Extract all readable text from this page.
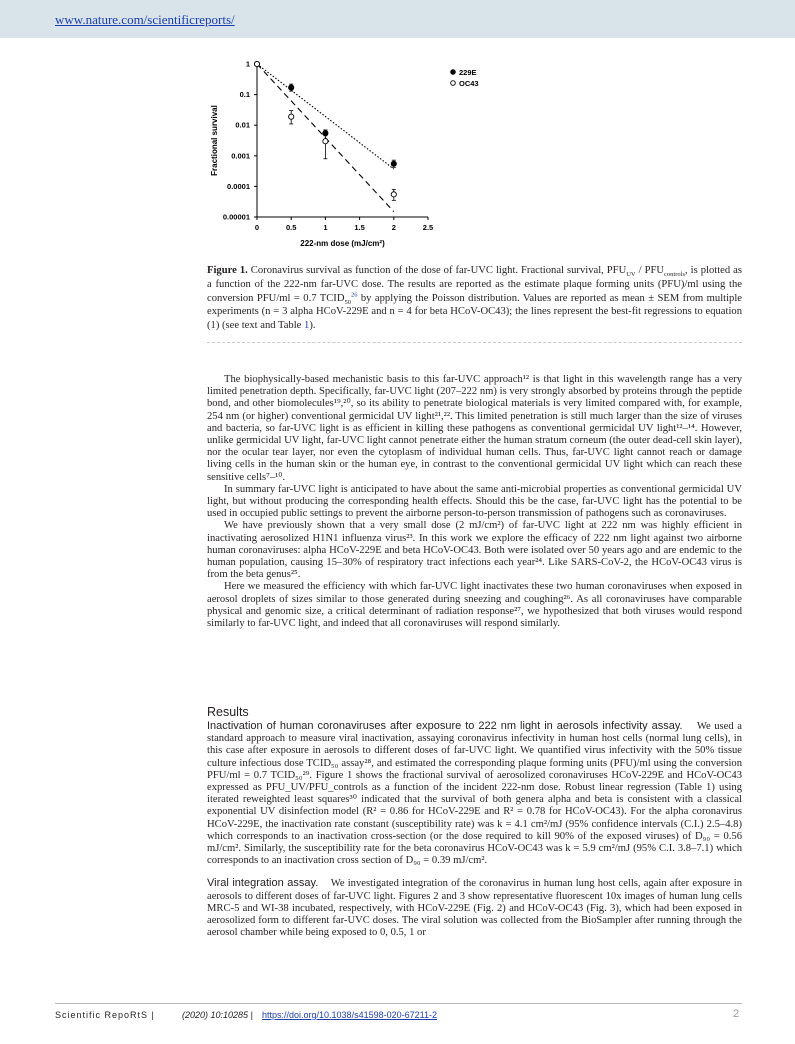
www.nature.com/scientificreports/
0	0.5	1	1.5	2	2.5
1
0.1
0.01
0.001
0.0001
0.00001
222-nm dose (mJ/cm²)
Fractional survival
229E
OC43
Figure 1. Coronavirus survival as function of the dose of far-UVC light. Fractional survival, $PFU_{UV} / PFU_{controls}$, is plotted as a function of the 222-nm far-UVC dose. The results are reported as the estimate plaque forming units (PFU)/ml using the conversion PFU/ml = 0.7 $TCID_{50}^{26}$ by applying the Poisson distribution. Values are reported as mean ± SEM from multiple experiments (n = 3 alpha HCoV-229E and n = 4 for beta HCoV-OC43); the lines represent the best-fit regressions to equation (1) (see text and Table 1).

The biophysically-based mechanistic basis to this far-UVC approach¹² is that light in this wavelength range has a very limited penetration depth. Specifically, far-UVC light (207–222 nm) is very strongly absorbed by proteins through the peptide bond, and other biomolecules¹⁹,²⁰, so its ability to penetrate biological materials is very limited compared with, for example, 254 nm (or higher) conventional germicidal UV light²¹,²². This limited penetration is still much larger than the size of viruses and bacteria, so far-UVC light is as efficient in killing these pathogens as conventional germicidal UV light¹²–¹⁴. However, unlike germicidal UV light, far-UVC light cannot penetrate either the human stratum corneum (the outer dead-cell skin layer), nor the ocular tear layer, nor even the cytoplasm of individual human cells. Thus, far-UVC light cannot reach or damage living cells in the human skin or the human eye, in contrast to the conventional germicidal UV light which can reach these sensitive cells⁷–¹⁰.

In summary far-UVC light is anticipated to have about the same anti-microbial properties as conventional germicidal UV light, but without producing the corresponding health effects. Should this be the case, far-UVC light has the potential to be used in occupied public settings to prevent the airborne person-to-person transmission of pathogens such as coronaviruses.

We have previously shown that a very small dose (2 mJ/cm²) of far-UVC light at 222 nm was highly efficient in inactivating aerosolized H1N1 influenza virus²³. In this work we explore the efficacy of 222 nm light against two airborne human coronaviruses: alpha HCoV-229E and beta HCoV-OC43. Both were isolated over 50 years ago and are endemic to the human population, causing 15–30% of respiratory tract infections each year²⁴. Like SARS-CoV-2, the HCoV-OC43 virus is from the beta genus²⁵.

Here we measured the efficiency with which far-UVC light inactivates these two human coronaviruses when exposed in aerosol droplets of sizes similar to those generated during sneezing and coughing²⁶. As all coronaviruses have comparable physical and genomic size, a critical determinant of radiation response²⁷, we hypothesized that both viruses would respond similarly to far-UVC light, and indeed that all coronaviruses will respond similarly.

Results

Inactivation of human coronaviruses after exposure to 222 nm light in aerosols infectivity assay. We used a standard approach to measure viral inactivation, assaying coronavirus infectivity in human host cells (normal lung cells), in this case after exposure in aerosols to different doses of far-UVC light. We quantified virus infectivity with the 50% tissue culture infectious dose TCID₅₀ assay²⁸, and estimated the corresponding plaque forming units (PFU)/ml using the conversion PFU/ml = 0.7 TCID₅₀²⁹. Figure 1 shows the fractional survival of aerosolized coronaviruses HCoV-229E and HCoV-OC43 expressed as PFU_UV/PFU_controls as a function of the incident 222-nm dose. Robust linear regression (Table 1) using iterated reweighted least squares³⁰ indicated that the survival of both genera alpha and beta is consistent with a classical exponential UV disinfection model (R² = 0.86 for HCoV-229E and R² = 0.78 for HCoV-OC43). For the alpha coronavirus HCoV-229E, the inactivation rate constant (susceptibility rate) was k = 4.1 cm²/mJ (95% confidence intervals (C.I.) 2.5–4.8) which corresponds to an inactivation cross-section (or the dose required to kill 90% of the exposed viruses) of D₉₀ = 0.56 mJ/cm². Similarly, the susceptibility rate for the beta coronavirus HCoV-OC43 was k = 5.9 cm²/mJ (95% C.I. 3.8–7.1) which corresponds to an inactivation cross section of D₉₀ = 0.39 mJ/cm².

Viral integration assay. We investigated integration of the coronavirus in human lung host cells, again after exposure in aerosols to different doses of far-UVC light. Figures 2 and 3 show representative fluorescent 10x images of human lung cells MRC-5 and WI-38 incubated, respectively, with HCoV-229E (Fig. 2) and HCoV-OC43 (Fig. 3), which had been exposed in aerosolized form to different far-UVC doses. The viral solution was collected from the BioSampler after running through the aerosol chamber while being exposed to 0, 0.5, 1 or

Scientific RepoRtS |	(2020) 10:10285 | https://doi.org/10.1038/s41598-020-67211-2	2
